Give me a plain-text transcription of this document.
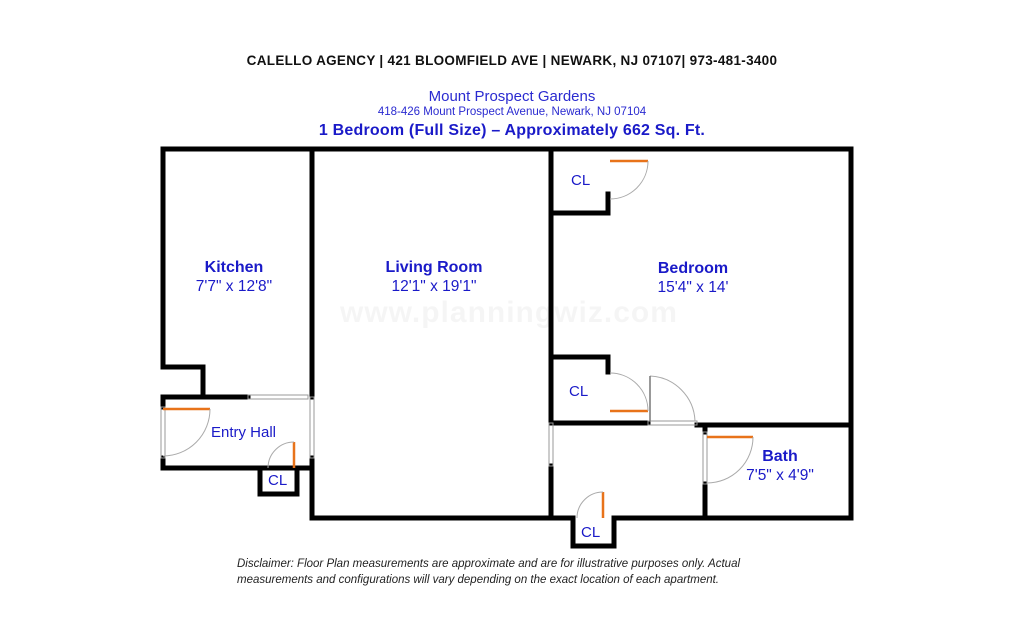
CALELLO AGENCY | 421 BLOOMFIELD AVE | NEWARK, NJ 07107| 973-481-3400
Mount Prospect Gardens
418-426 Mount Prospect Avenue, Newark, NJ 07104
1 Bedroom (Full Size) – Approximately 662 Sq. Ft.
Kitchen
7'7" x 12'8"
Living Room
12'1" x 19'1"
Bedroom
15'4" x 14'
Bath
7'5" x 4'9"
Entry Hall
CL
CL
CL
CL
Disclaimer: Floor Plan measurements are approximate and are for illustrative purposes only. Actual measurements and configurations will vary depending on the exact location of each apartment.
